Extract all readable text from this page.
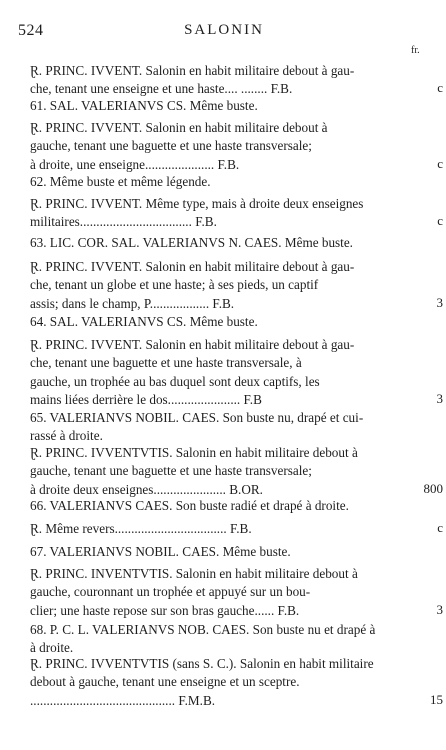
524	SALONIN
fr.
Ɽ. PRINC. IVVENT. Salonin en habit militaire debout à gau-
che, tenant une enseigne et une haste.... ........ F.B.	c
61. SAL. VALERIANVS CS. Même buste.
Ɽ. PRINC. IVVENT. Salonin en habit militaire debout à
gauche, tenant une baguette et une haste transversale;
à droite, une enseigne..................... F.B.	c
62. Même buste et même légende.
Ɽ. PRINC. IVVENT. Même type, mais à droite deux enseignes
militaires.................................. F.B.	c
63. LIC. COR. SAL. VALERIANVS N. CAES. Même buste.
Ɽ. PRINC. IVVENT. Salonin en habit militaire debout à gau-
che, tenant un globe et une haste; à ses pieds, un captif
assis; dans le champ, P.................. F.B.	3
64. SAL. VALERIANVS CS. Même buste.
Ɽ. PRINC. IVVENT. Salonin en habit militaire debout à gau-
che, tenant une baguette et une haste transversale, à
gauche, un trophée au bas duquel sont deux captifs, les
mains liées derrière le dos...................... F.B	3
65. VALERIANVS NOBIL. CAES. Son buste nu, drapé et cui-
rassé à droite.
Ɽ. PRINC. IVVENTVTIS. Salonin en habit militaire debout à
gauche, tenant une baguette et une haste transversale;
à droite deux enseignes...................... B.OR.	800
66. VALERIANVS CAES. Son buste radié et drapé à droite.
Ɽ. Même revers.................................. F.B.	c
67. VALERIANVS NOBIL. CAES. Même buste.
Ɽ. PRINC. INVENTVTIS. Salonin en habit militaire debout à
gauche, couronnant un trophée et appuyé sur un bou-
clier; une haste repose sur son bras gauche...... F.B.	3
68. P. C. L. VALERIANVS NOB. CAES. Son buste nu et drapé à
à droite.
Ɽ. PRINC. IVVENTVTIS (sans S. C.). Salonin en habit militaire
debout à gauche, tenant une enseigne et un sceptre.
............................................ F.M.B.	15
